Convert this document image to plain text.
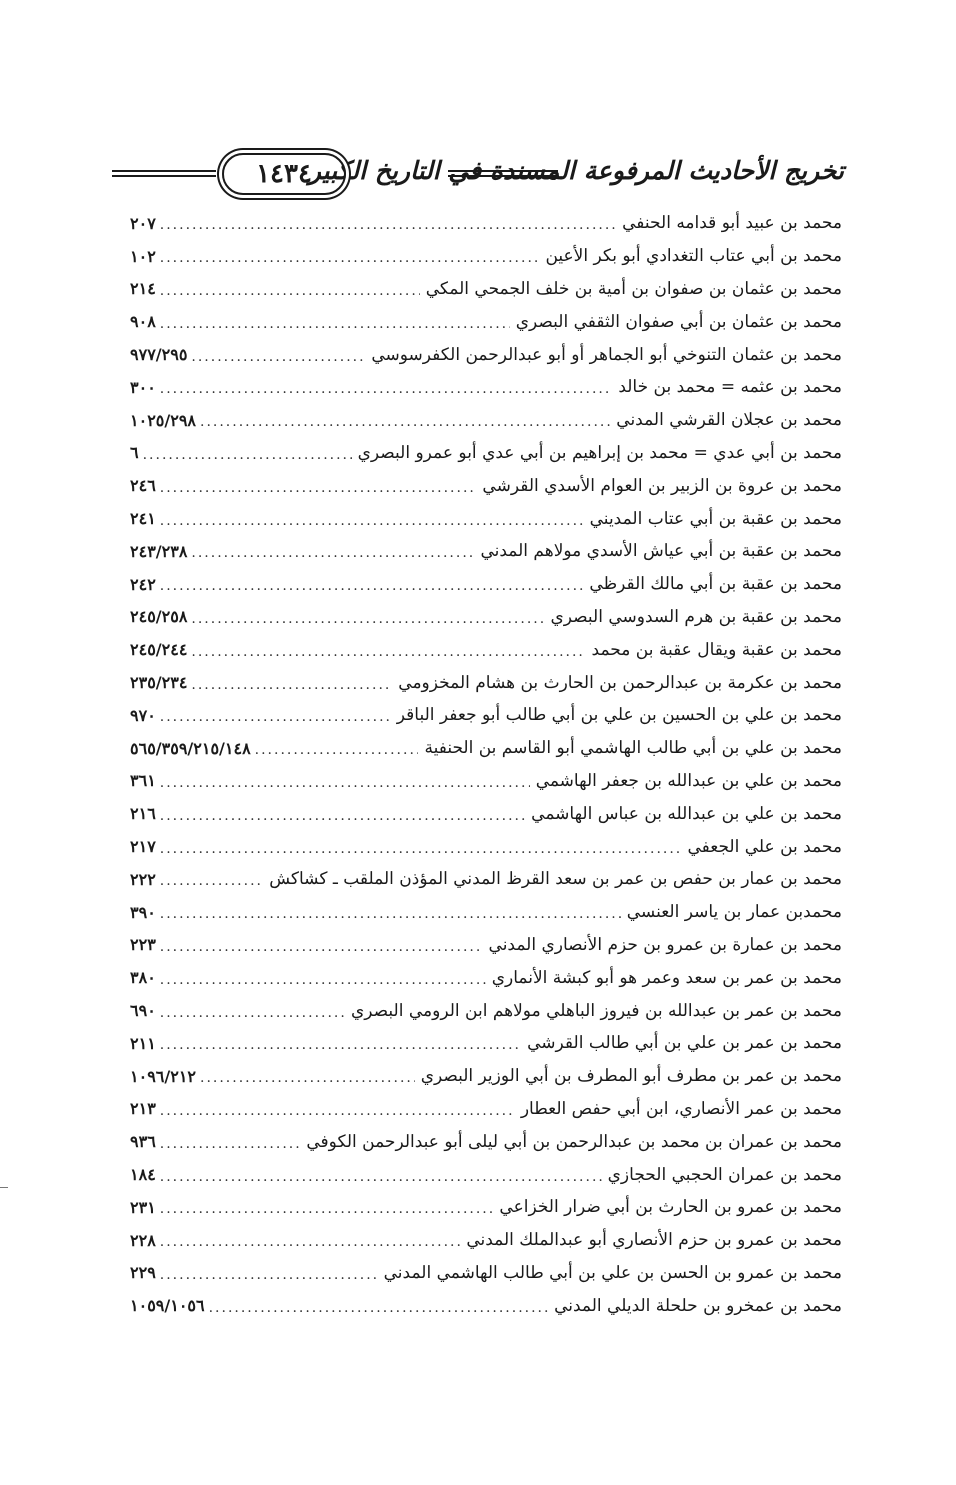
تخريج الأحاديث المرفوعة المسندة في التاريخ الكبير
١٤٣٤
محمد بن عبيد أبو قدامه الحنفي
.....
٢٠٧
محمد بن أبي عتاب التغدادي أبو بكر الأعين
.....
١٠٢
محمد بن عثمان بن صفوان بن أمية بن خلف الجمحي المكي
.....
٢١٤
محمد بن عثمان بن أبي صفوان الثقفي البصري
.....
٩٠٨
محمد بن عثمان التنوخي أبو الجماهر أو أبو عبدالرحمن الكفرسوسي
.....
٩٧٧/٢٩٥
محمد بن عثمه = محمد بن خالد
.....
٣٠٠
محمد بن عجلان القرشي المدني
.....
١٠٢٥/٢٩٨
محمد بن أبي عدي = محمد بن إبراهيم بن أبي عدي أبو عمرو البصري
.....
٦
محمد بن عروة بن الزبير بن العوام الأسدي القرشي
.....
٢٤٦
محمد بن عقبة بن أبي عتاب المديني
.....
٢٤١
محمد بن عقبة بن أبي عياش الأسدي مولاهم المدني
.....
٢٤٣/٢٣٨
محمد بن عقبة بن أبي مالك القرظي
.....
٢٤٢
محمد بن عقبة بن هرم السدوسي البصري
.....
٢٤٥/٢٥٨
محمد بن عقبة ويقال عقبة بن محمد
.....
٢٤٥/٢٤٤
محمد بن عكرمة بن عبدالرحمن بن الحارث بن هشام المخزومي
.....
٢٣٥/٢٣٤
محمد بن علي بن الحسين بن علي بن أبي طالب أبو جعفر الباقر
.....
٩٧٠
محمد بن علي بن أبي طالب الهاشمي أبو القاسم بن الحنفية
.....
٥٦٥/٣٥٩/٢١٥/١٤٨
محمد بن علي بن عبدالله بن جعفر الهاشمي
.....
٣٦١
محمد بن علي بن عبدالله بن عباس الهاشمي
.....
٢١٦
محمد بن علي الجعفي
.....
٢١٧
محمد بن عمار بن حفص بن عمر بن سعد القرظ المدني المؤذن الملقب ـ كشاكش
.....
٢٢٢
محمدبن عمار بن ياسر العنسي
.....
٣٩٠
محمد بن عمارة بن عمرو بن حزم الأنصاري المدني
.....
٢٢٣
محمد بن عمر بن سعد وعمر هو أبو كبشة الأنماري
.....
٣٨٠
محمد بن عمر بن عبدالله بن فيروز الباهلي مولاهم ابن الرومي البصري
.....
٦٩٠
محمد بن عمر بن علي بن أبي طالب القرشي
.....
٢١١
محمد بن عمر بن مطرف أبو المطرف بن أبي الوزير البصري
.....
١٠٩٦/٢١٢
محمد بن عمر الأنصاري، ابن أبي حفص العطار
.....
٢١٣
محمد بن عمران بن محمد بن عبدالرحمن بن أبي ليلى أبو عبدالرحمن الكوفي
.....
٩٣٦
محمد بن عمران الحجبي الحجازي
.....
١٨٤
محمد بن عمرو بن الحارث بن أبي ضرار الخزاعي
.....
٢٣١
محمد بن عمرو بن حزم الأنصاري أبو عبدالملك المدني
.....
٢٢٨
محمد بن عمرو بن الحسن بن علي بن أبي طالب الهاشمي المدني
.....
٢٢٩
محمد بن عمخرو بن حلحلة الديلي المدني
.....
١٠٥٩/١٠٥٦
